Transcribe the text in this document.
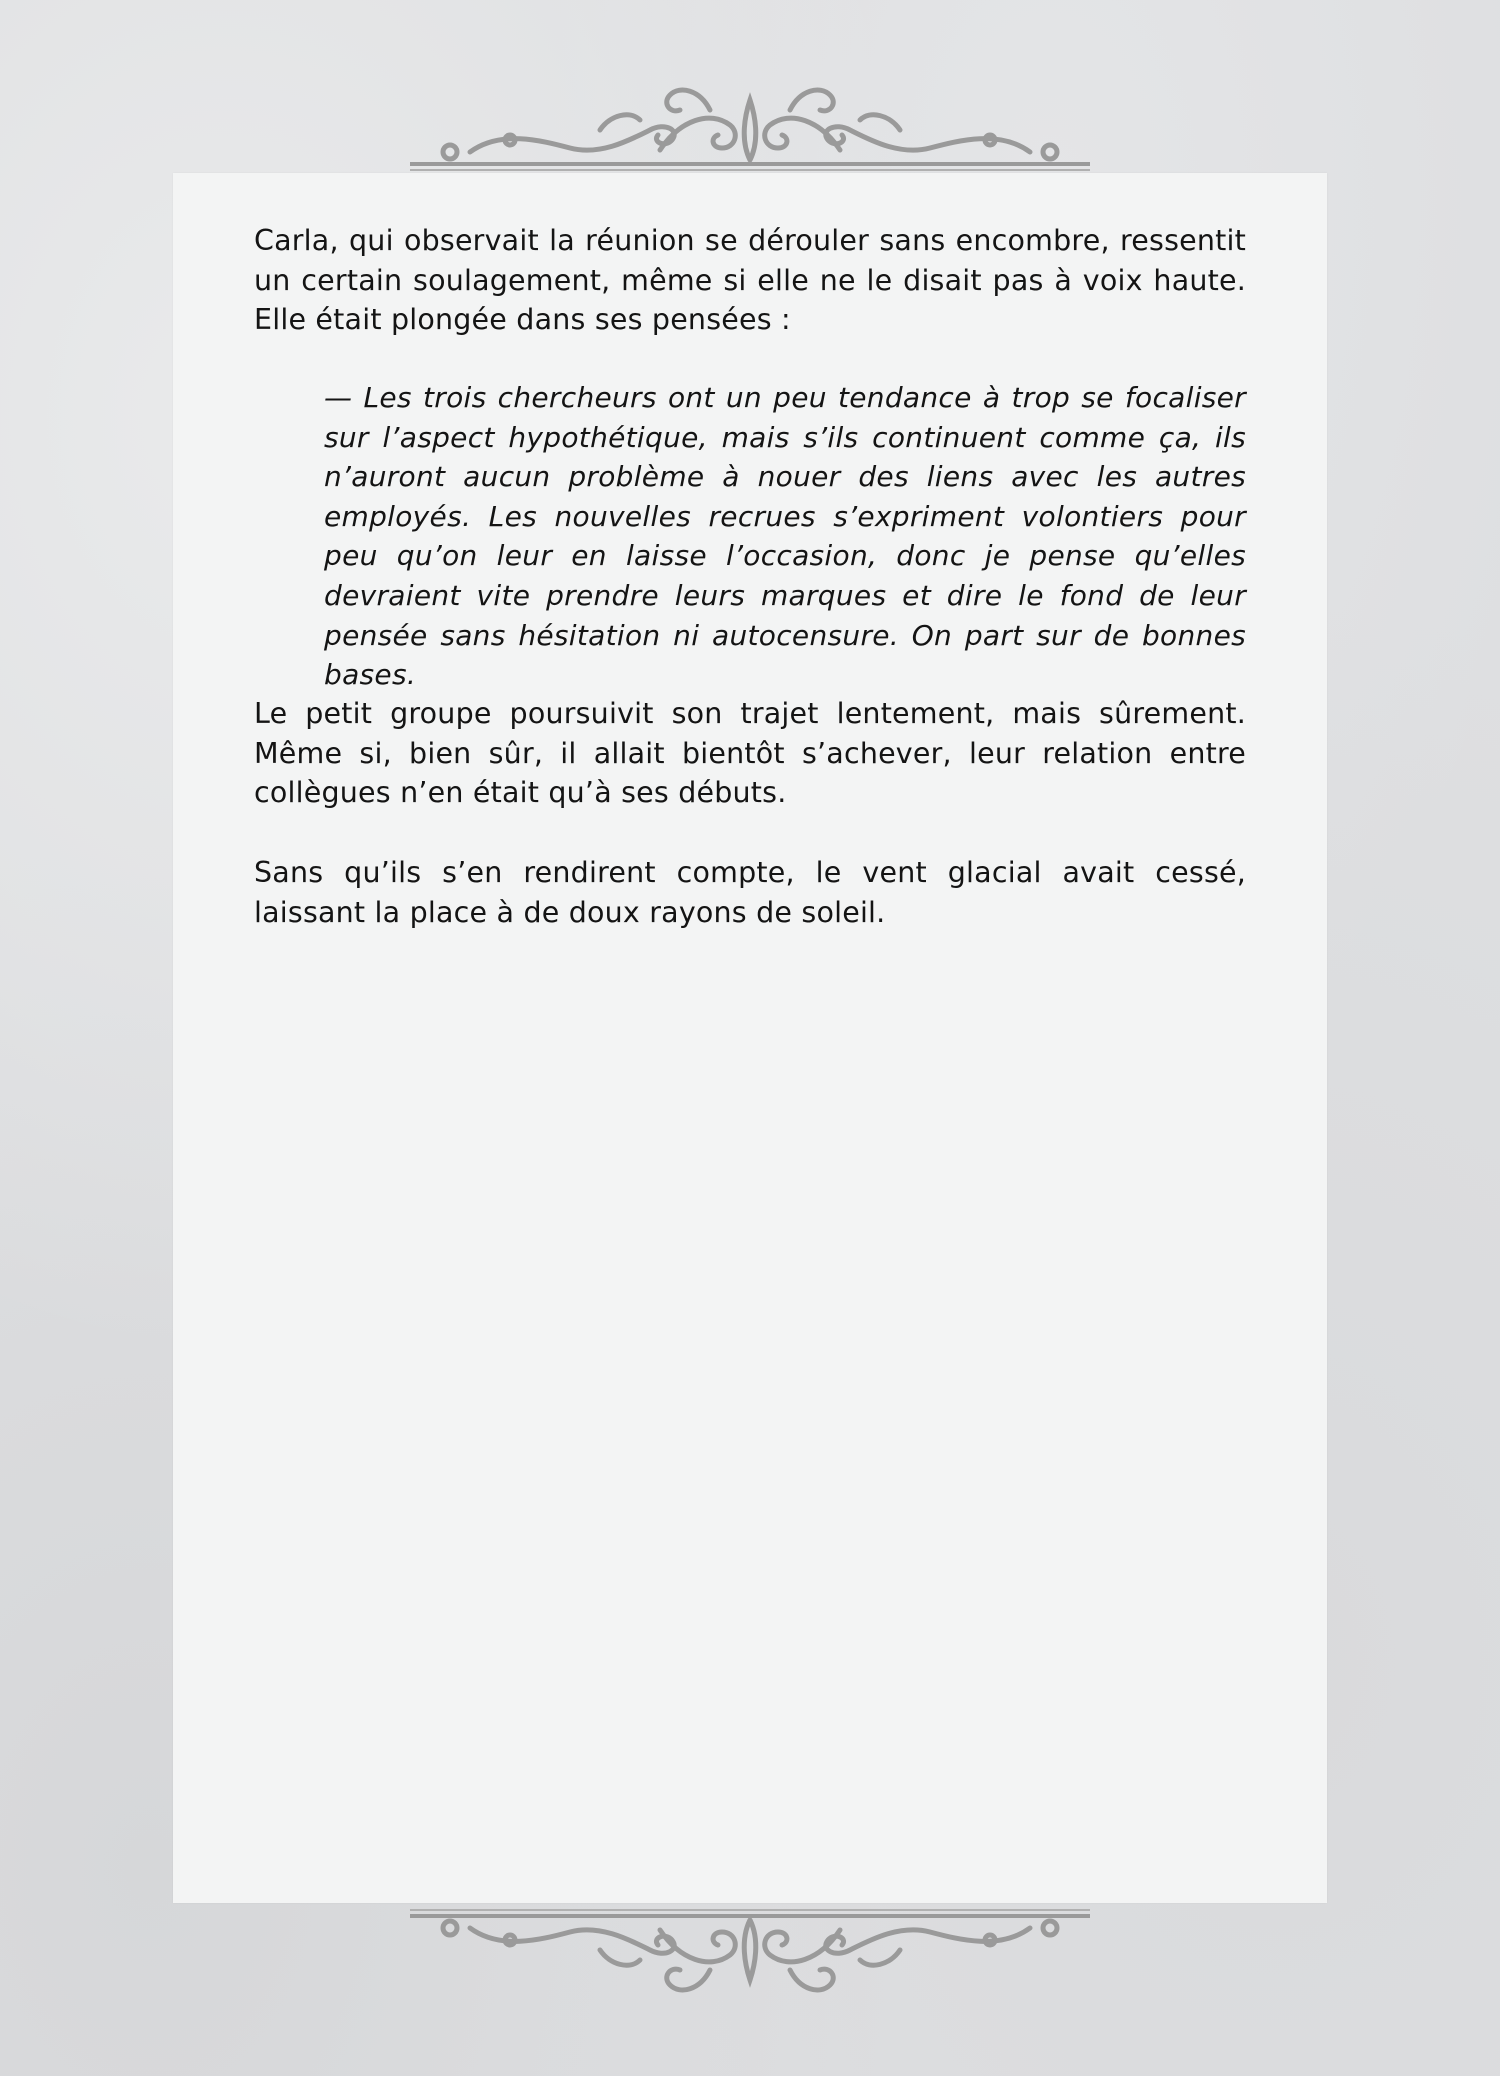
Carla, qui observait la réunion se dérouler sans encombre, ressentit un certain soulagement, même si elle ne le disait pas à voix haute. Elle était plongée dans ses pensées :
— Les trois chercheurs ont un peu tendance à trop se focaliser sur l’aspect hypothétique, mais s’ils continuent comme ça, ils n’auront aucun problème à nouer des liens avec les autres employés. Les nouvelles recrues s’expriment volontiers pour peu qu’on leur en laisse l’occasion, donc je pense qu’elles devraient vite prendre leurs marques et dire le fond de leur pensée sans hésitation ni autocensure. On part sur de bonnes bases.
Le petit groupe poursuivit son trajet lentement, mais sûrement. Même si, bien sûr, il allait bientôt s’achever, leur relation entre collègues n’en était qu’à ses débuts.
Sans qu’ils s’en rendirent compte, le vent glacial avait cessé, laissant la place à de doux rayons de soleil.
